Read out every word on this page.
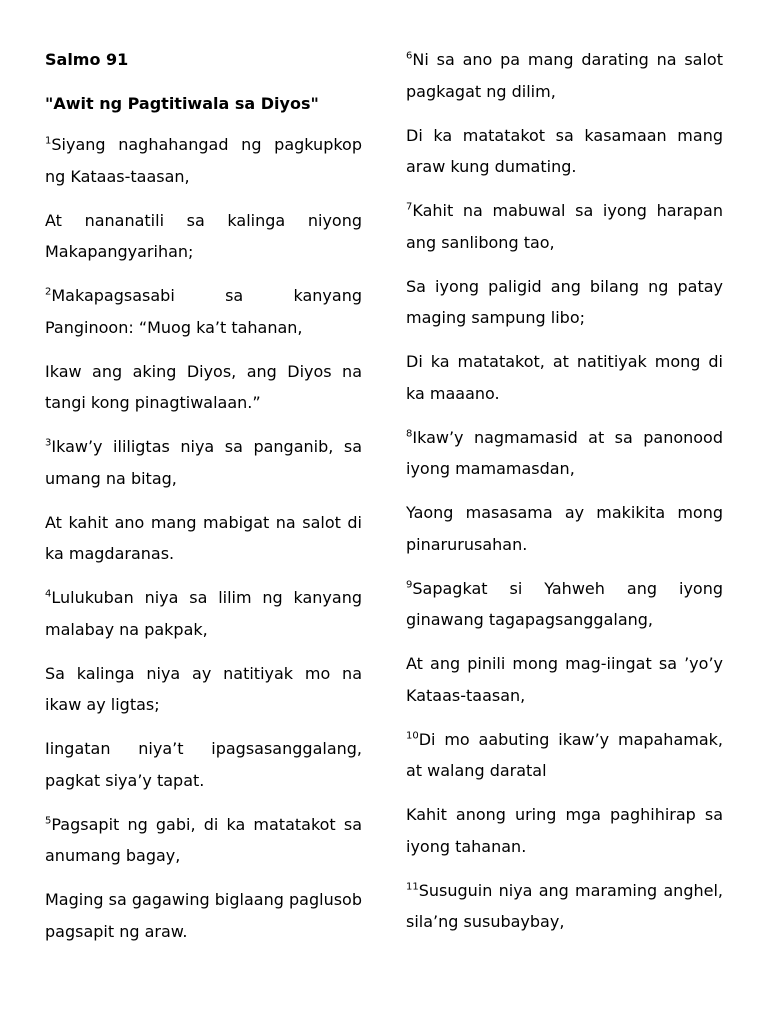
Salmo 91
"Awit ng Pagtitiwala sa Diyos"

$^1$Siyang naghahangad ng pagkupkop ng Kataas-taasan,

At nananatili sa kalinga niyong Makapangyarihan;

$^2$Makapagsasabi sa kanyang Panginoon: “Muog ka’t tahanan,

Ikaw ang aking Diyos, ang Diyos na tangi kong pinagtiwalaan.”

$^3$Ikaw’y ililigtas niya sa panganib, sa umang na bitag,

At kahit ano mang mabigat na salot di ka magdaranas.

$^4$Lulukuban niya sa lilim ng kanyang malabay na pakpak,

Sa kalinga niya ay natitiyak mo na ikaw ay ligtas;

Iingatan niya’t ipagsasanggalang, pagkat siya’y tapat.

$^5$Pagsapit ng gabi, di ka matatakot sa anumang bagay,

Maging sa gagawing biglaang paglusob pagsapit ng araw.

$^6$Ni sa ano pa mang darating na salot pagkagat ng dilim,

Di ka matatakot sa kasamaan mang araw kung dumating.

$^7$Kahit na mabuwal sa iyong harapan ang sanlibong tao,

Sa iyong paligid ang bilang ng patay maging sampung libo;

Di ka matatakot, at natitiyak mong di ka maaano.

$^8$Ikaw’y nagmamasid at sa panonood iyong mamamasdan,

Yaong masasama ay makikita mong pinarurusahan.

$^9$Sapagkat si Yahweh ang iyong ginawang tagapagsanggalang,

At ang pinili mong mag-iingat sa ’yo’y Kataas-taasan,

$^{10}$Di mo aabuting ikaw’y mapahamak, at walang daratal

Kahit anong uring mga paghihirap sa iyong tahanan.

$^{11}$Susuguin niya ang maraming anghel, sila’ng susubaybay,
